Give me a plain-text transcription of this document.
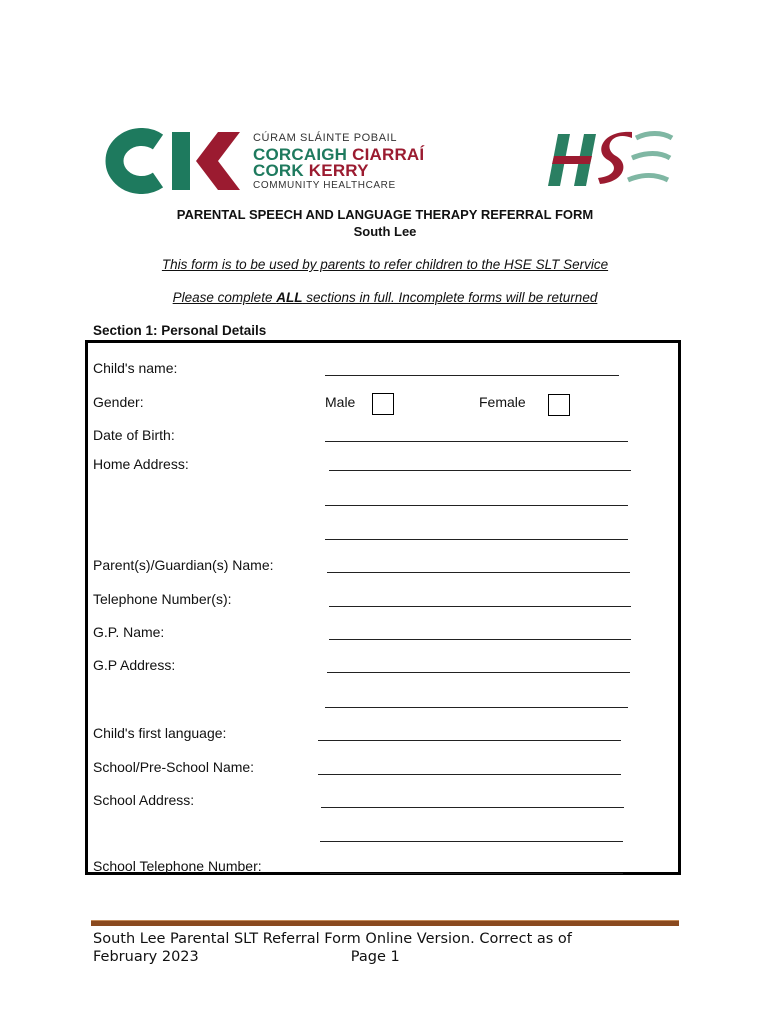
CÚRAM SLÁINTE POBAIL
CORCAIGH CIARRAÍ
CORK KERRY
COMMUNITY HEALTHCARE
PARENTAL SPEECH AND LANGUAGE THERAPY REFERRAL FORM
South Lee
This form is to be used by parents to refer children to the HSE SLT Service
Please complete ALL sections in full. Incomplete forms will be returned
Section 1: Personal Details
Child's name:
Gender:	Male	Female
Date of Birth:
Home Address:
Parent(s)/Guardian(s) Name:
Telephone Number(s):
G.P. Name:
G.P Address:
Child's first language:
School/Pre-School Name:
School Address:
School Telephone Number:
South Lee Parental SLT Referral Form Online Version. Correct as of
February 2023	Page 1
